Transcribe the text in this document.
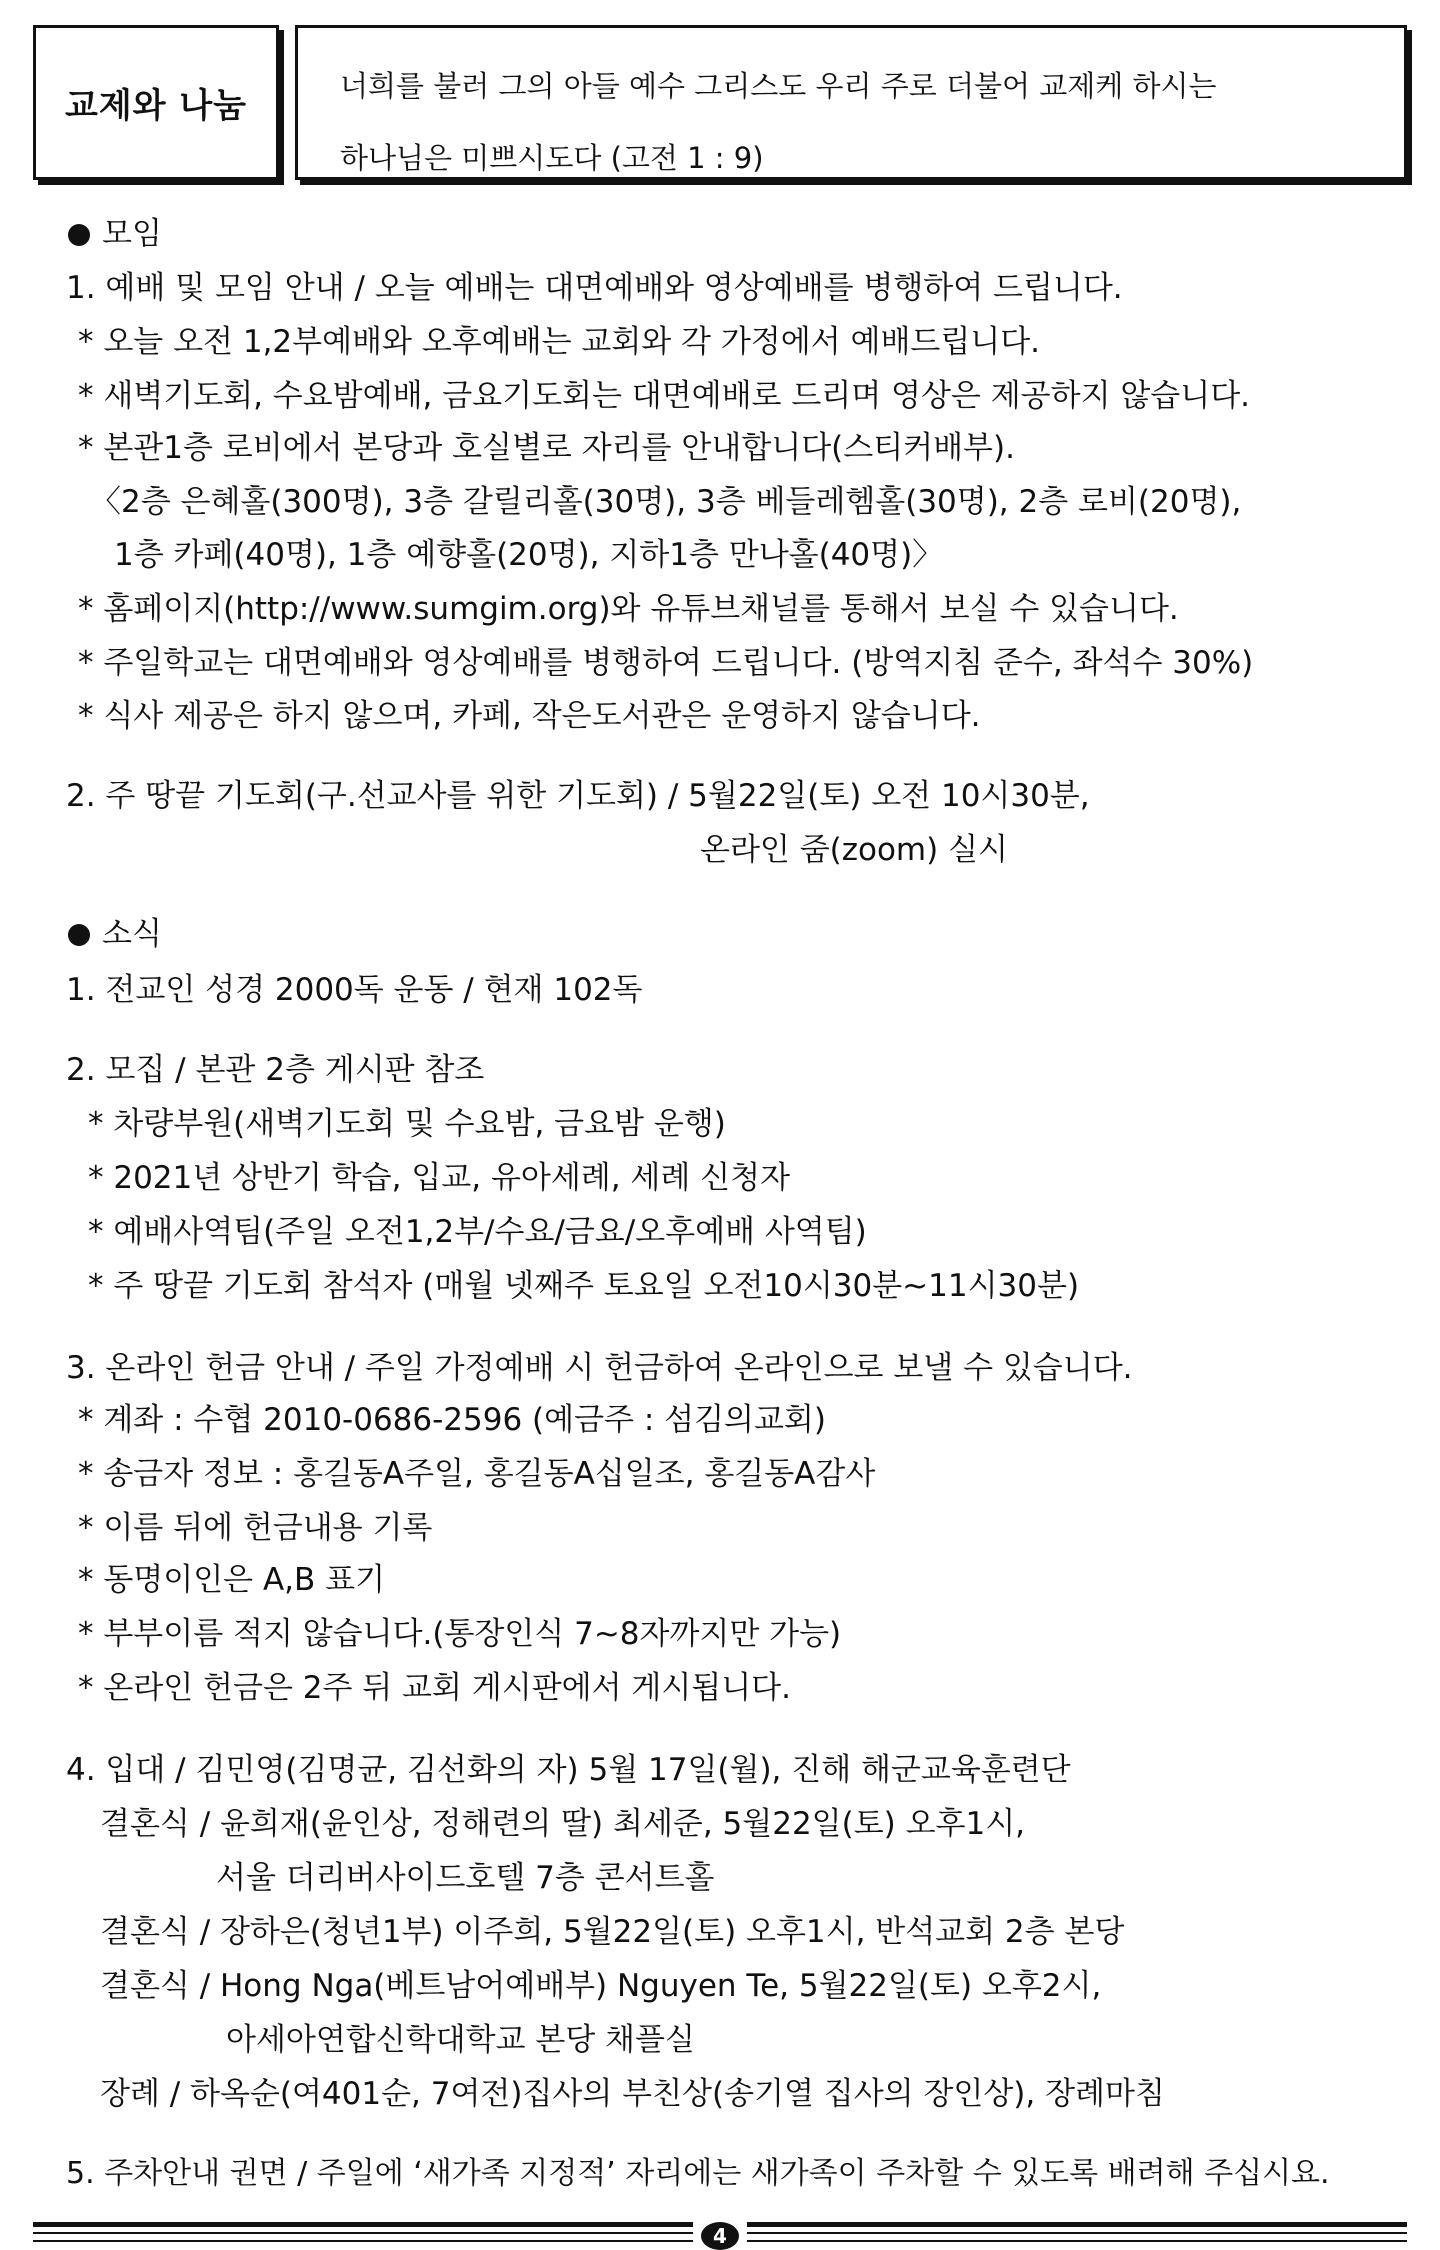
교제와 나눔	너희를 불러 그의 아들 예수 그리스도 우리 주로 더불어 교제케 하시는
하나님은 미쁘시도다 (고전 1 : 9)
모임
1. 예배 및 모임 안내 / 오늘 예배는 대면예배와 영상예배를 병행하여 드립니다.
* 오늘 오전 1,2부예배와 오후예배는 교회와 각 가정에서 예배드립니다.
* 새벽기도회, 수요밤예배, 금요기도회는 대면예배로 드리며 영상은 제공하지 않습니다.
* 본관1층 로비에서 본당과 호실별로 자리를 안내합니다(스티커배부).
〈2층 은혜홀(300명), 3층 갈릴리홀(30명), 3층 베들레헴홀(30명), 2층 로비(20명),
1층 카페(40명), 1층 예향홀(20명), 지하1층 만나홀(40명)〉
* 홈페이지(http://www.sumgim.org)와 유튜브채널를 통해서 보실 수 있습니다.
* 주일학교는 대면예배와 영상예배를 병행하여 드립니다. (방역지침 준수, 좌석수 30%)
* 식사 제공은 하지 않으며, 카페, 작은도서관은 운영하지 않습니다.
2. 주 땅끝 기도회(구.선교사를 위한 기도회) / 5월22일(토) 오전 10시30분,
온라인 줌(zoom) 실시
소식
1. 전교인 성경 2000독 운동 / 현재 102독
2. 모집 / 본관 2층 게시판 참조
* 차량부원(새벽기도회 및 수요밤, 금요밤 운행)
* 2021년 상반기 학습, 입교, 유아세례, 세례 신청자
* 예배사역팀(주일 오전1,2부/수요/금요/오후예배 사역팀)
* 주 땅끝 기도회 참석자 (매월 넷째주 토요일 오전10시30분~11시30분)
3. 온라인 헌금 안내 / 주일 가정예배 시 헌금하여 온라인으로 보낼 수 있습니다.
* 계좌 : 수협 2010-0686-2596 (예금주 : 섬김의교회)
* 송금자 정보 : 홍길동A주일, 홍길동A십일조, 홍길동A감사
* 이름 뒤에 헌금내용 기록
* 동명이인은 A,B 표기
* 부부이름 적지 않습니다.(통장인식 7~8자까지만 가능)
* 온라인 헌금은 2주 뒤 교회 게시판에서 게시됩니다.
4. 입대 / 김민영(김명균, 김선화의 자) 5월 17일(월), 진해 해군교육훈련단
결혼식 / 윤희재(윤인상, 정해련의 딸) 최세준, 5월22일(토) 오후1시,
서울 더리버사이드호텔 7층 콘서트홀
결혼식 / 장하은(청년1부) 이주희, 5월22일(토) 오후1시, 반석교회 2층 본당
결혼식 / Hong Nga(베트남어예배부) Nguyen Te, 5월22일(토) 오후2시,
아세아연합신학대학교 본당 채플실
장례 / 하옥순(여401순, 7여전)집사의 부친상(송기열 집사의 장인상), 장례마침
5. 주차안내 권면 / 주일에 ‘새가족 지정적’ 자리에는 새가족이 주차할 수 있도록 배려해 주십시요.
4
